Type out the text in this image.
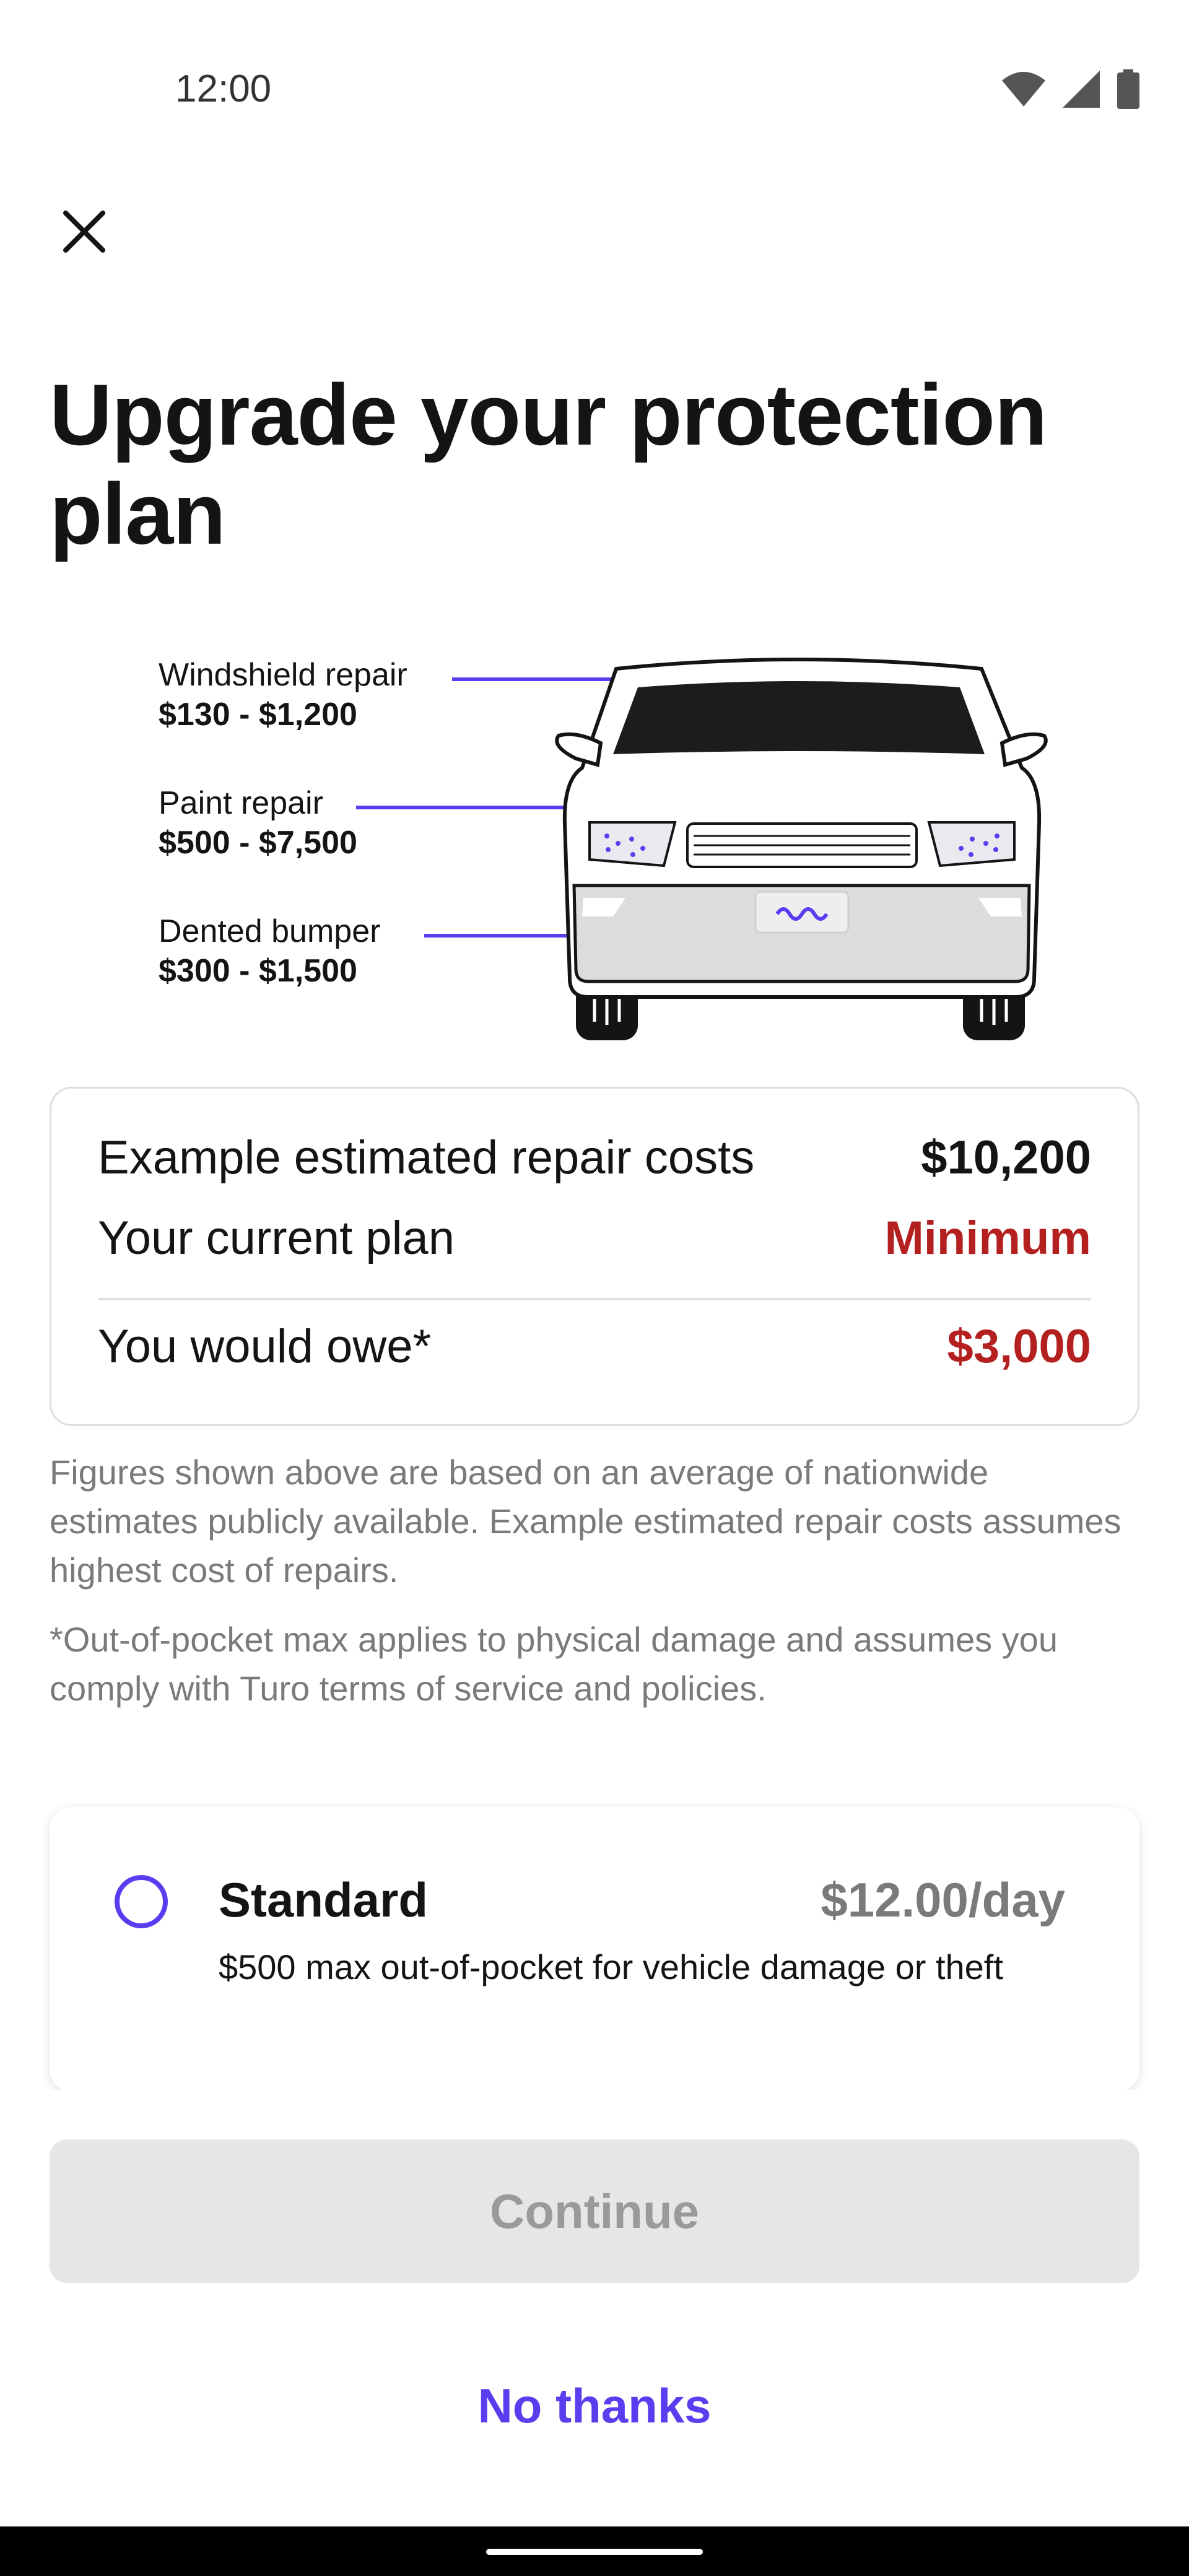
12:00
Upgrade your protection plan
Windshield repair
$130 - $1,200
Paint repair
$500 - $7,500
Dented bumper
$300 - $1,500
Example estimated repair costs	$10,200
Your current plan	Minimum
You would owe*	$3,000
Figures shown above are based on an average of nationwide estimates publicly available. Example estimated repair costs assumes highest cost of repairs.
*Out-of-pocket max applies to physical damage and assumes you comply with Turo terms of service and policies.
Standard	$12.00/day
$500 max out-of-pocket for vehicle damage or theft
Continue
No thanks
